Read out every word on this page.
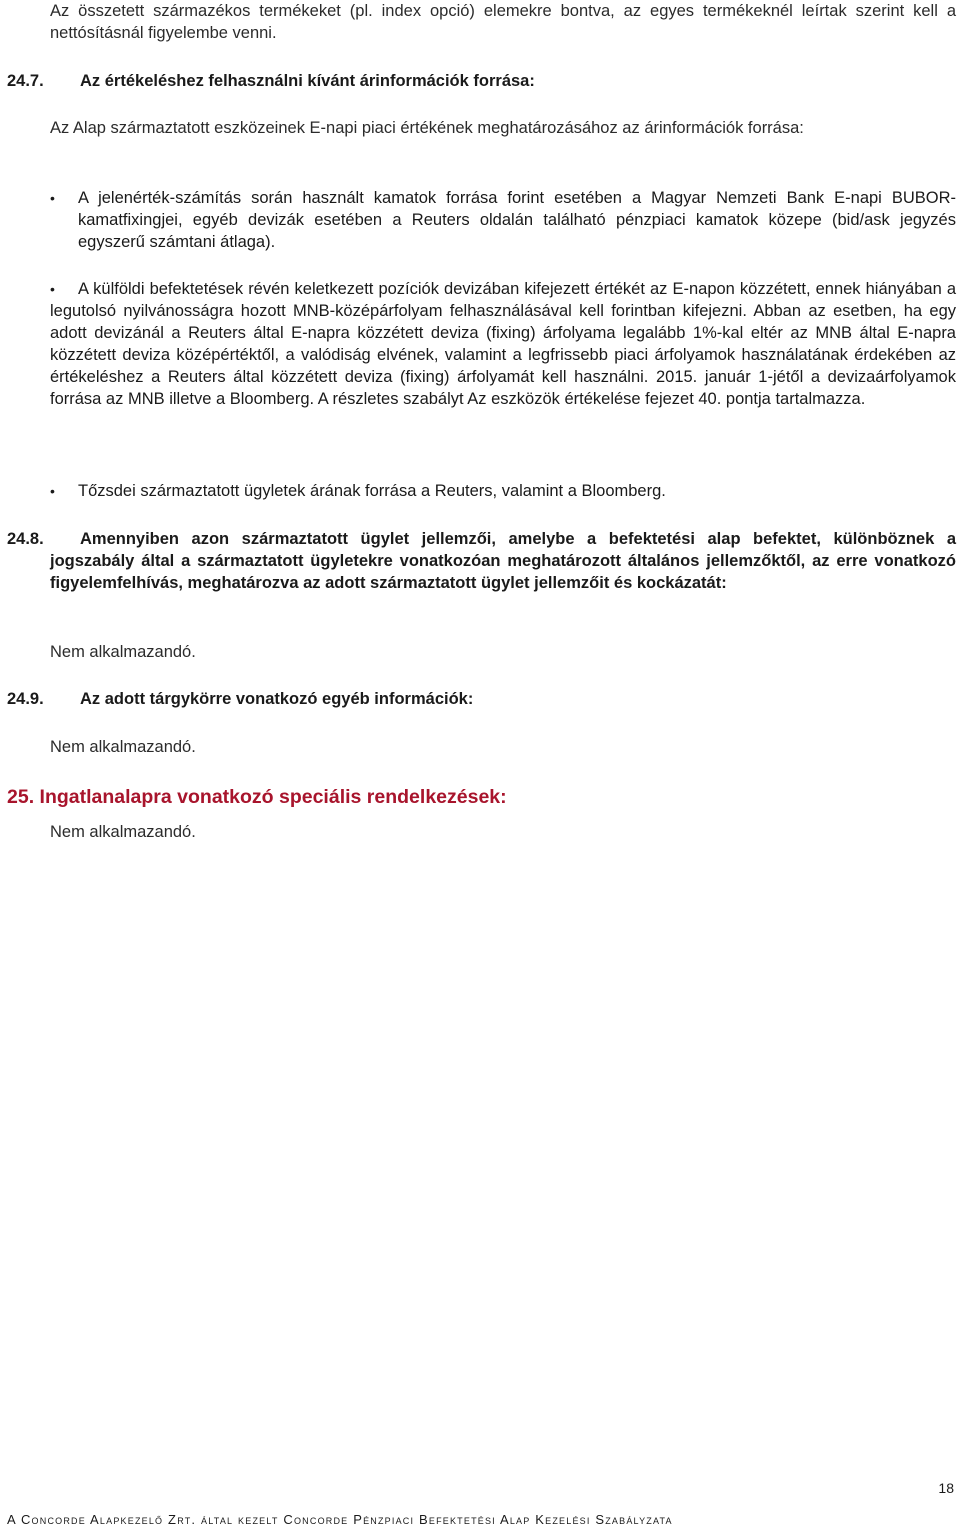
Az összetett származékos termékeket (pl. index opció) elemekre bontva, az egyes termékeknél leírtak szerint kell a nettósításnál figyelembe venni.

24.7. Az értékeléshez felhasználni kívánt árinformációk forrása:

Az Alap származtatott eszközeinek E-napi piaci értékének meghatározásához az árinformációk forrása:

•	A jelenérték-számítás során használt kamatok forrása forint esetében a Magyar Nemzeti Bank E-napi BUBOR-kamatfixingjei, egyéb devizák esetében a Reuters oldalán található pénzpiaci kamatok közepe (bid/ask jegyzés egyszerű számtani átlaga).

•	A külföldi befektetések révén keletkezett pozíciók devizában kifejezett értékét az E-napon közzétett, ennek hiányában a legutolsó nyilvánosságra hozott MNB-középárfolyam felhasználásával kell forintban kifejezni. Abban az esetben, ha egy adott devizánál a Reuters által E-napra közzétett deviza (fixing) árfolyama legalább 1%-kal eltér az MNB által E-napra közzétett deviza középértéktől, a valódiság elvének, valamint a legfrissebb piaci árfolyamok használatának érdekében az értékeléshez a Reuters által közzétett deviza (fixing) árfolyamát kell használni. 2015. január 1-jétől a devizaárfolyamok forrása az MNB illetve a Bloomberg. A részletes szabályt Az eszközök értékelése fejezet 40. pontja tartalmazza.

•	Tőzsdei származtatott ügyletek árának forrása a Reuters, valamint a Bloomberg.

24.8.	Amennyiben azon származtatott ügylet jellemzői, amelybe a befektetési alap befektet, különböznek a jogszabály által a származtatott ügyletekre vonatkozóan meghatározott általános jellemzőktől, az erre vonatkozó figyelemfelhívás, meghatározva az adott származtatott ügylet jellemzőit és kockázatát:

Nem alkalmazandó.

24.9. Az adott tárgykörre vonatkozó egyéb információk:

Nem alkalmazandó.

25. Ingatlanalapra vonatkozó speciális rendelkezések:

Nem alkalmazandó.

18
A Concorde Alapkezelő Zrt. által kezelt Concorde Pénzpiaci Befektetési Alap Kezelési Szabályzata
